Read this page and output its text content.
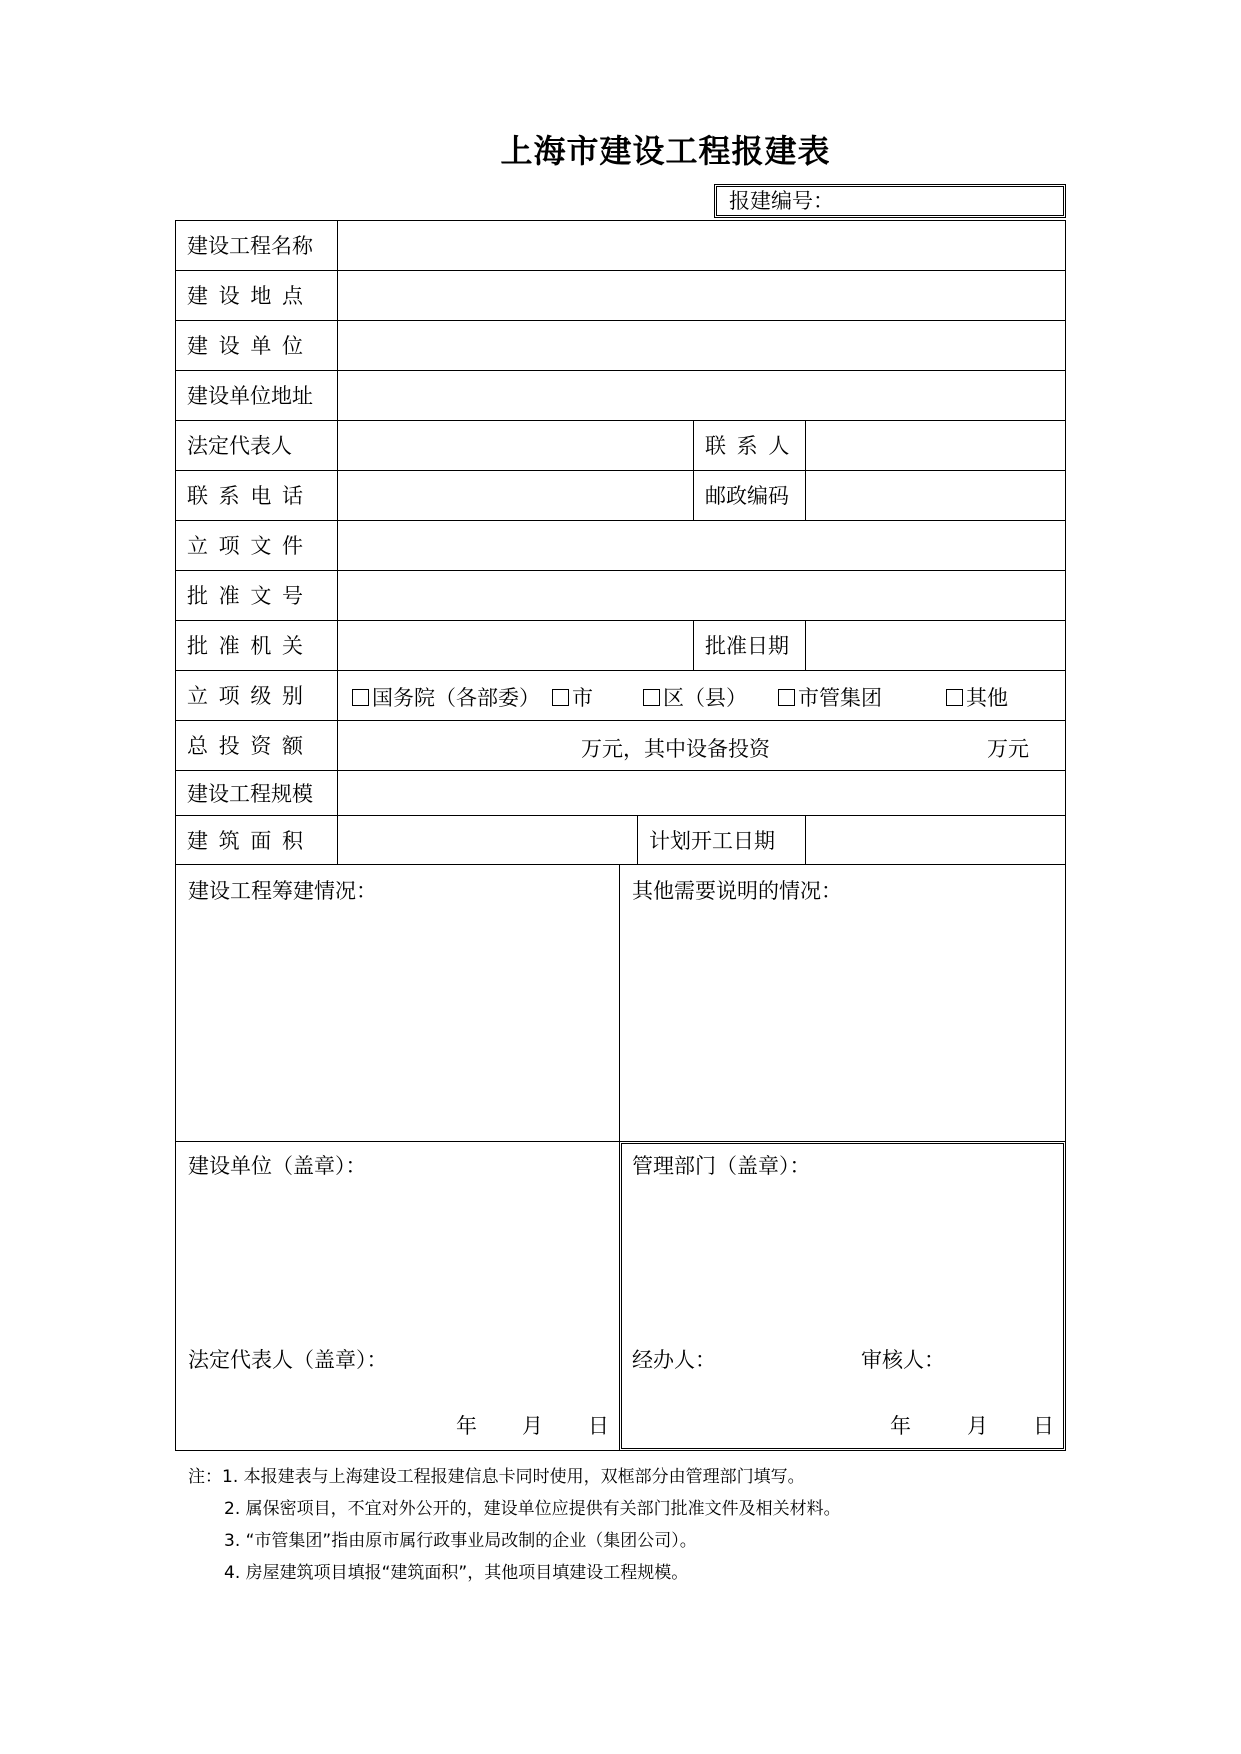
上海市建设工程报建表
报建编号：
建设工程名称
建 设 地 点
建 设 单 位
建设单位地址
法定代表人	联 系 人
联 系 电 话	邮政编码
立 项 文 件
批 准 文 号
批 准 机 关	批准日期
立 项 级 别	国务院（各部委） 市	区（县） 市管集团	其他
总 投 资 额	万元，其中设备投资	万元
建设工程规模
建 筑 面 积	计划开工日期
建设工程筹建情况：	其他需要说明的情况：
建设单位（盖章）：
法定代表人（盖章）：
年 月 日
管理部门（盖章）：
经办人：	审核人：
年	月 日
注：1. 本报建表与上海建设工程报建信息卡同时使用，双框部分由管理部门填写。
2. 属保密项目，不宜对外公开的，建设单位应提供有关部门批准文件及相关材料。
3. “市管集团”指由原市属行政事业局改制的企业（集团公司）。
4. 房屋建筑项目填报“建筑面积”，其他项目填建设工程规模。
